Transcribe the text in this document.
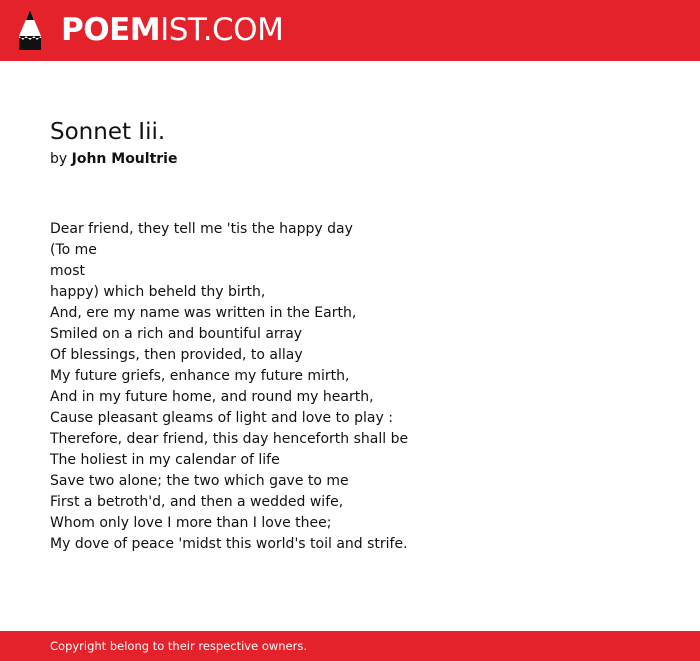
POEMIST.COM
Sonnet Iii.
by John Moultrie
Dear friend, they tell me 'tis the happy day
(To me
most
happy) which beheld thy birth,
And, ere my name was written in the Earth,
Smiled on a rich and bountiful array
Of blessings, then provided, to allay
My future griefs, enhance my future mirth,
And in my future home, and round my hearth,
Cause pleasant gleams of light and love to play :
Therefore, dear friend, this day henceforth shall be
The holiest in my calendar of life
Save two alone; the two which gave to me
First a betroth'd, and then a wedded wife,
Whom only love I more than I love thee;
My dove of peace 'midst this world's toil and strife.
Copyright belong to their respective owners.
